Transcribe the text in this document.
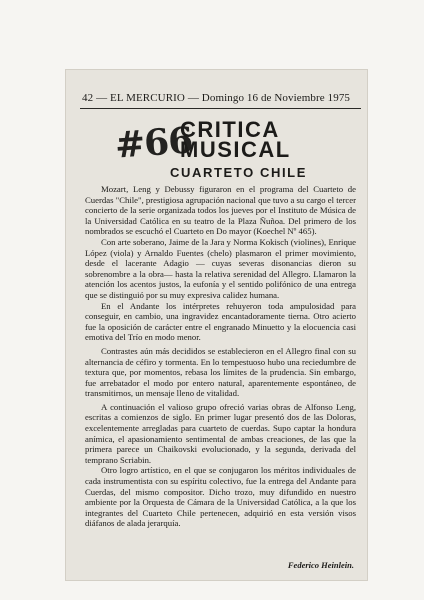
42 — EL MERCURIO — Domingo 16 de Noviembre 1975
#66
CRITICA
MUSICAL
CUARTETO CHILE

Mozart, Leng y Debussy figuraron en el programa del Cuarteto de Cuerdas "Chile", prestigiosa agrupación nacional que tuvo a su cargo el tercer concierto de la serie organizada todos los jueves por el Instituto de Música de la Universidad Católica en su teatro de la Plaza Ñuñoa. Del primero de los nombrados se escuchó el Cuarteto en Do mayor (Koechel Nº 465).

Con arte soberano, Jaime de la Jara y Norma Kokisch (violines), Enrique López (viola) y Arnaldo Fuentes (chelo) plasmaron el primer movimiento, desde el lacerante Adagio — cuyas severas disonancias dieron su sobrenombre a la obra— hasta la relativa serenidad del Allegro. Llamaron la atención los acentos justos, la eufonía y el sentido polifónico de una entrega que se distinguió por su muy expresiva calidez humana.

En el Andante los intérpretes rehuyeron toda ampulosidad para conseguir, en cambio, una ingravidez encantadoramente tierna. Otro acierto fue la oposición de carácter entre el engranado Minuetto y la elocuencia casi emotiva del Trío en modo menor.

Contrastes aún más decididos se establecieron en el Allegro final con su alternancia de céfiro y tormenta. En lo tempestuoso hubo una reciedumbre de textura que, por momentos, rebasa los límites de la prudencia. Sin embargo, fue arrebatador el modo por entero natural, aparentemente espontáneo, de transmitirnos, un mensaje lleno de vitalidad.

A continuación el valioso grupo ofreció varias obras de Alfonso Leng, escritas a comienzos de siglo. En primer lugar presentó dos de las Doloras, excelentemente arregladas para cuarteto de cuerdas. Supo captar la hondura anímica, el apasionamiento sentimental de ambas creaciones, de las que la primera parece un Chaikovski evolucionado, y la segunda, derivada del temprano Scriabin.

Otro logro artístico, en el que se conjugaron los méritos individuales de cada instrumentista con su espíritu colectivo, fue la entrega del Andante para Cuerdas, del mismo compositor. Dicho trozo, muy difundido en nuestro ambiente por la Orquesta de Cámara de la Universidad Católica, a la que los integrantes del Cuarteto Chile pertenecen, adquirió en esta versión visos diáfanos de alada jerarquía.

Federico Heinlein.
